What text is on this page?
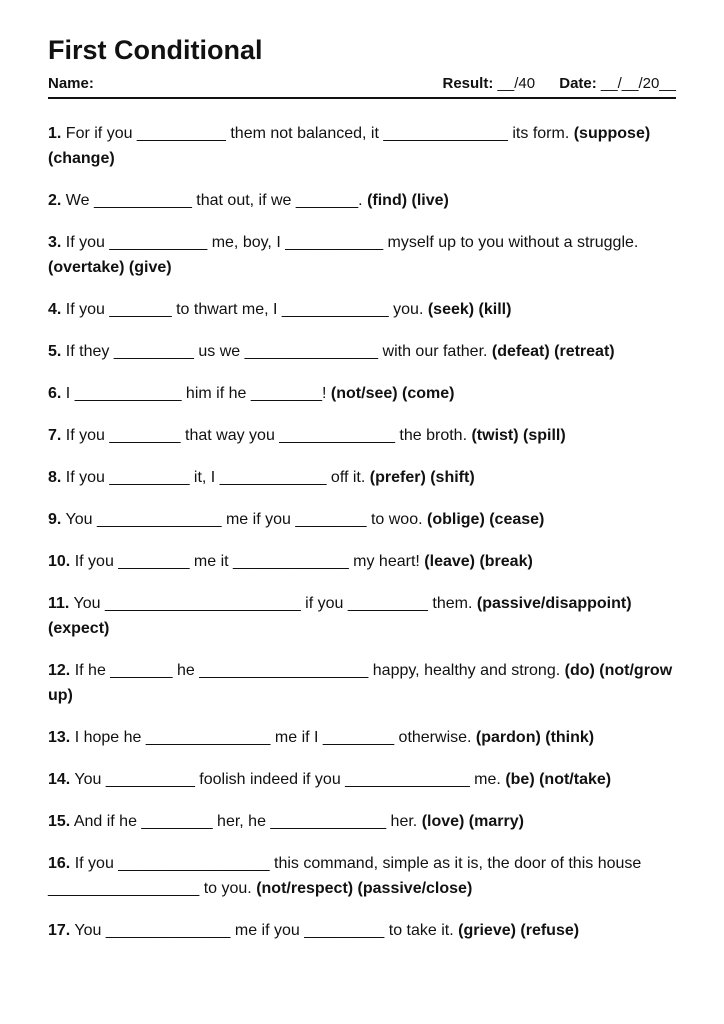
First Conditional
Name:	Result: __/40 Date: __/__/20__

1. For if you __________ them not balanced, it ______________ its form. (suppose) (change)

2. We ___________ that out, if we _______. (find) (live)

3. If you ___________ me, boy, I ___________ myself up to you without a struggle. (overtake) (give)

4. If you _______ to thwart me, I ____________ you. (seek) (kill)

5. If they _________ us we _______________ with our father. (defeat) (retreat)

6. I ____________ him if he ________! (not/see) (come)

7. If you ________ that way you _____________ the broth. (twist) (spill)

8. If you _________ it, I ____________ off it. (prefer) (shift)

9. You ______________ me if you ________ to woo. (oblige) (cease)

10. If you ________ me it _____________ my heart! (leave) (break)

11. You ______________________ if you _________ them. (passive/disappoint) (expect)

12. If he _______ he ___________________ happy, healthy and strong. (do) (not/grow up)

13. I hope he ______________ me if I ________ otherwise. (pardon) (think)

14. You __________ foolish indeed if you ______________ me. (be) (not/take)

15. And if he ________ her, he _____________ her. (love) (marry)

16. If you _________________ this command, simple as it is, the door of this house _________________ to you. (not/respect) (passive/close)

17. You ______________ me if you _________ to take it. (grieve) (refuse)
